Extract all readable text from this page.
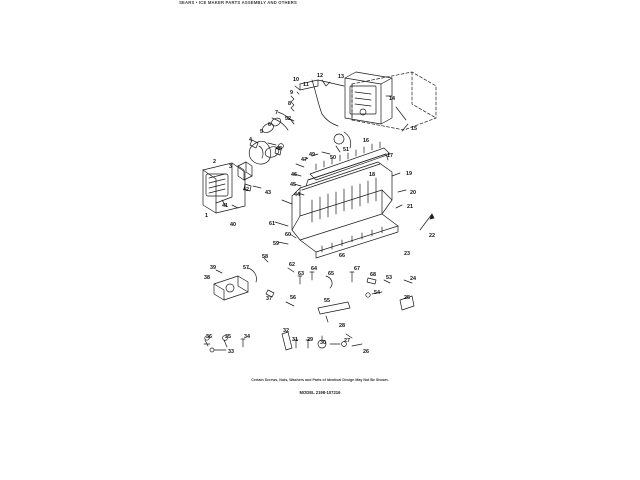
SEARS • ICE MAKER PARTS ASSEMBLY AND OTHERS
1
2
3
4
5
6
7
8
9
10
11
12	13
14
15
16
17
18	19
20
21
22
23
24
25
26
27
28
29 30
31
32
33
34
35
36
37
38
39
40
41
42	43	44
45
46
47
48
49	50
51
52
53
54
55
56
57
58
59
60
61
62
63
64
65
66
67
68
Certain Screws, Nuts, Washers and Parts of Identical Design May Not Be Shown.
MODEL 2198-107216
